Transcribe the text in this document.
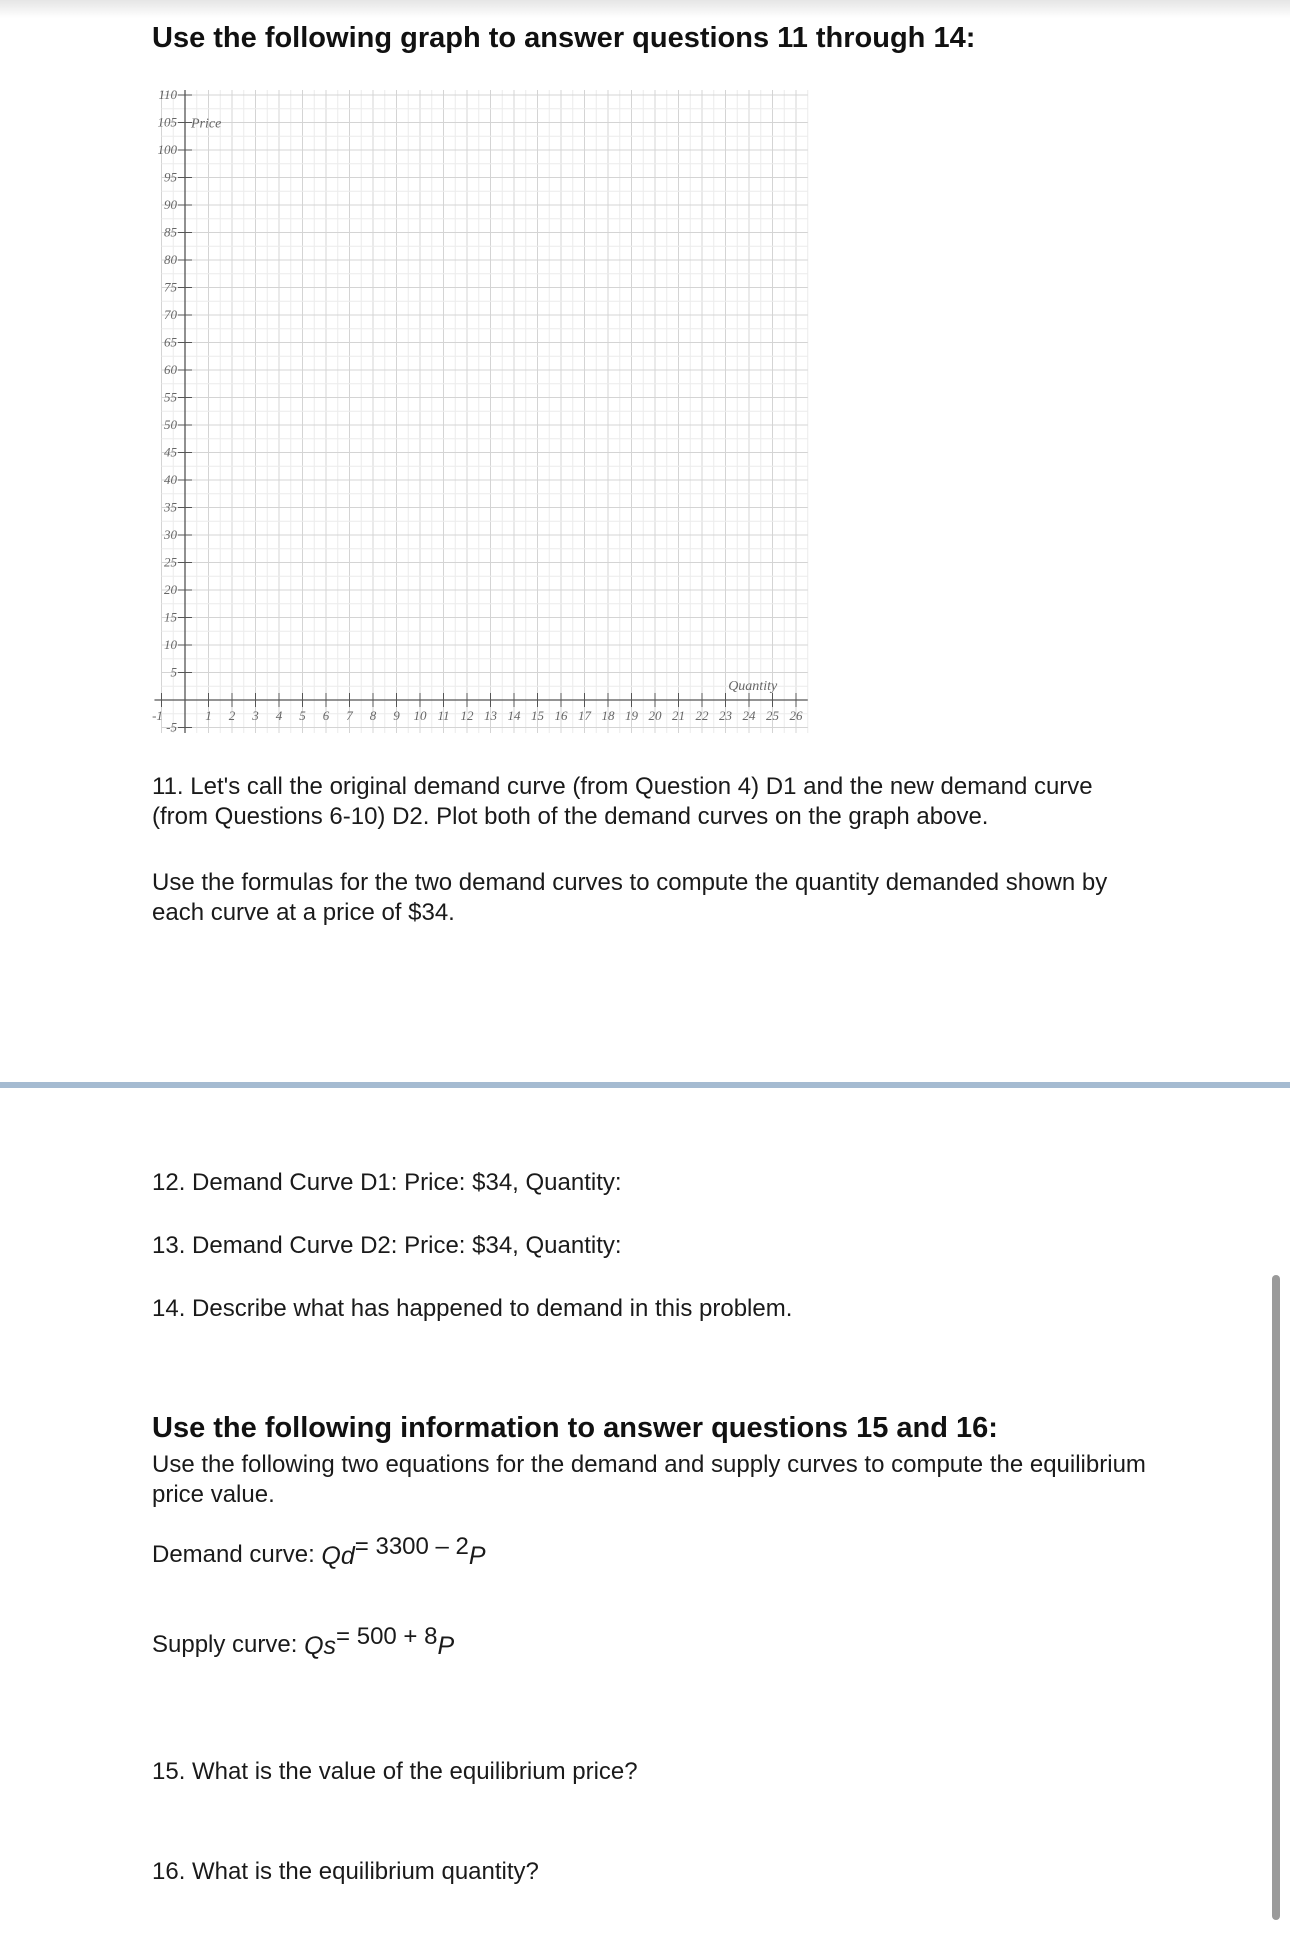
Use the following graph to answer questions 11 through 14:
110
105
100
95
90
85
80
75
70
65
60
55
50
45
40
35
30
25
20
15
10
5
-5
-1	1 2 3 4 5 6 7 8 9 10 11 12 13 14 15 16 17 18 19 20 21 22 23 24 25 26
Price
Quantity
11. Let's call the original demand curve (from Question 4) D1 and the new demand curve (from Questions 6-10) D2. Plot both of the demand curves on the graph above.
Use the formulas for the two demand curves to compute the quantity demanded shown by each curve at a price of $34.
12. Demand Curve D1: Price: $34, Quantity:
13. Demand Curve D2: Price: $34, Quantity:
14. Describe what has happened to demand in this problem.
Use the following information to answer questions 15 and 16:
Use the following two equations for the demand and supply curves to compute the equilibrium price value.
Demand curve: Qd= 3300 – 2P
Supply curve: Qs= 500 + 8P
15. What is the value of the equilibrium price?
16. What is the equilibrium quantity?
